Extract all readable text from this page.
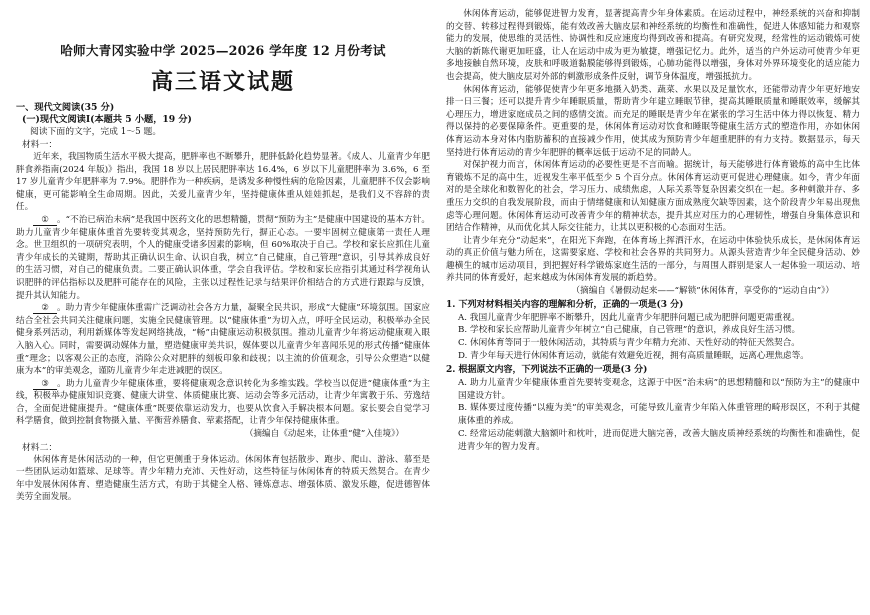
哈师大青冈实验中学 2025—2026 学年度 12 月份考试
高三语文试题
一、现代文阅读(35 分)
(一)现代文阅读Ⅰ(本题共 5 小题，19 分)
阅读下面的文字，完成 1～5 题。
材料一：

近年来，我国物质生活水平极大提高，肥胖率也不断攀升，肥胖低龄化趋势显著。《成人、儿童青少年肥胖食养指南(2024 年版)》指出，我国 18 岁以上居民肥胖率达 16.4%，6 岁以下儿童肥胖率为 3.6%，6 至 17 岁儿童青少年肥胖率为 7.9%。肥胖作为一种疾病，是诱发多种慢性病的危险因素，儿童肥胖不仅会影响健康，更可能影响全生命周期。因此，关爱儿童青少年，坚持健康体重从娃娃抓起，是我们义不容辞的责任。

① 。“不治已病治未病”是我国中医药文化的思想精髓，贯彻“预防为主”是健康中国建设的基本方针。助力儿童青少年健康体重首先要转变其观念，坚持预防先行，摒正心态。一要牢固树立健康第一责任人理念。世卫组织的一项研究表明，个人的健康受诸多因素的影响，但 60%取决于自己。学校和家长应抓住儿童青少年成长的关键期，帮助其正确认识生命、认识自我，树立“自己健康，自己管理”意识，引导其养成良好的生活习惯，对自己的健康负责。二要正确认识体重，学会自我评估。学校和家长应指引其通过科学视角认识肥胖的评估指标以及肥胖可能存在的风险，主张以过程性记录与结果评价相结合的方式进行跟踪与反馈，提升其认知能力。

② 。助力青少年健康体重需广泛调动社会各方力量，凝聚全民共识，形成“大健康”环境氛围。国家应结合全社会共同关注健康问题，实施全民健康管理。以“健康体重”为切入点，呼吁全民运动，积极举办全民健身系列活动，利用新媒体等发起网络挑战，“畅”由健康运动积极氛围。推动儿童青少年将运动健康观入眼入脑入心。同时，需要调动媒体力量，塑造健康审美共识，媒体要以儿童青少年喜闻乐见的形式传播“健康体重”理念；以客观公正的态度，消除公众对肥胖的刻板印象和歧视；以主流的价值观念，引导公众塑造“以健康为本”的审美观念，谨防儿童青少年走进减肥的误区。

③ 。助力儿童青少年健康体重，要将健康观念意识转化为多维实践。学校当以促进“健康体重”为主线，积极举办健康知识竞赛、健康大讲堂、体质健康比赛、运动会等多元活动，让青少年寓教于乐、劳逸结合，全面促进健康提升。“健康体重”既要依靠运动发力，也要从饮食入手解决根本问题。家长要会自觉学习科学膳食，做到控制食物摄入量、平衡营养膳食、荤素搭配，让青少年保持健康体重。

（摘编自《动起来，让体重“健”入佳境》）
材料二：

休闲体育是休闲活动的一种，但它更侧重于身体运动。休闲体育包括散步、跑步、爬山、游泳、慕至是一些团队运动如篮球、足球等。青少年精力充沛、天性好动，这些特征与休闲体育的特质天然契合。在青少年中发展休闲体育、塑造健康生活方式，有助于其健全人格、锤炼意志、增强体质、激发乐趣，促进德智体美劳全面发展。

休闲体育运动，能够促进智力发育，显著提高青少年身体素质。在运动过程中，神经系统的兴奋和抑制的交替、转移过程得到锻炼，能有效改善大脑皮层和神经系统的均衡性和准确性，促进人体感知能力和观察能力的发展，使思维的灵活性、协调性和反应速度均得到改善和提高。有研究发现，经常性的运动锻炼可使大脑的新陈代谢更加旺盛，让人在运动中成为更为敏捷，增强记忆力。此外，适当的户外运动可使青少年更多地接触自然环境，皮肤和呼吸道黏膜能够得到锻炼，心肺功能得以增强，身体对外界环境变化的适应能力也会提高，使大脑皮层对外部的刺激形成条件反射，调节身体温度，增强抵抗力。

休闲体育运动，能够促使青少年更多地摄入奶类、蔬菜、水果以及足量饮水，还能带动青少年更好地安排一日三餐；还可以提升青少年睡眠质量，帮助青少年建立睡眠节律，提高其睡眠质量和睡眠效率，缓解其心理压力，增进家庭成员之间的感情交流。而充足的睡眠是青少年在紧张的学习生活中体力得以恢复、精力得以保持的必要保障条件。更重要的是，休闲体育运动对饮食和睡眠等健康生活方式的塑造作用，亦如休闲体育运动本身对体内脂肪蓄积的直接减少作用，使其成为预防青少年超重肥胖的有力支持。数据显示，每天坚持进行体育运动的青少年肥胖的概率远低于运动不足的同龄人。

对保护视力而言，休闲体育运动的必要性更是不言而喻。据统计，每天能够进行体育锻炼的高中生比体育锻炼不足的高中生，近视发生率平低至少 5 个百分点。休闲体育运动更可促进心理健康。如今，青少年面对的是全球化和数智化的社会，学习压力、成绩焦虑，人际关系等复杂因素交织在一起。多种刺激并存、多重压力交织的自我发展阶段，而由于情绪健康和认知健康方面成熟度欠缺等因素，这个阶段青少年易出现焦虑等心理问题。休闲体育运动可改善青少年的精神状态，提升其应对压力的心理韧性，增强自身集体意识和团结合作精神，从而优化其人际交往能力，让其以更积极的心态面对生活。

让青少年充分“动起来”，在阳光下奔跑，在体育场上挥洒汗水，在运动中体验快乐成长，是休闲体育运动的真正价值与魅力所在，这需要家庭、学校和社会各界的共同努力。从源头营造青少年全民健身活动、妙趣横生的城市运动项目，到把握好科学锻炼家庭生活的一部分，与周围人群别是家人一起体验一项运动、培养共同的体育爱好，起来越成为休闲体育发展的新趋势。

（摘编自《暑假动起来——“解锁”休闲体育，享受你的“运动自由”》）
1. 下列对材料相关内容的理解和分析，正确的一项是(3 分)
A. 我国儿童青少年肥胖率不断攀升，因此儿童青少年肥胖问题已成为肥胖问题更需重视。
B. 学校和家长应帮助儿童青少年树立“自己健康，自己管理”的意识，养成良好生活习惯。
C. 休闲体育等同于一般休闲活动，其特质与青少年精力充沛、天性好动的特征天然契合。
D. 青少年每天进行休闲体育运动，就能有效避免近视，拥有高质量睡眠，远离心理焦虑等。
2. 根据原文内容，下列说法不正确的一项是(3 分)
A. 助力儿童青少年健康体重首先要转变观念，这源于中医“治未病”的思想精髓和以“预防为主”的健康中国建设方针。
B. 媒体要过度传播“以瘦为美”的审美观念，可能导致儿童青少年陷入体重管理的畸形误区，不利于其健康体重的养成。
C. 经常运动能刺激大脑额叶和枕叶，进而促进大脑完善，改善大脑皮质神经系统的均衡性和准确性，促进青少年的智力发育。
